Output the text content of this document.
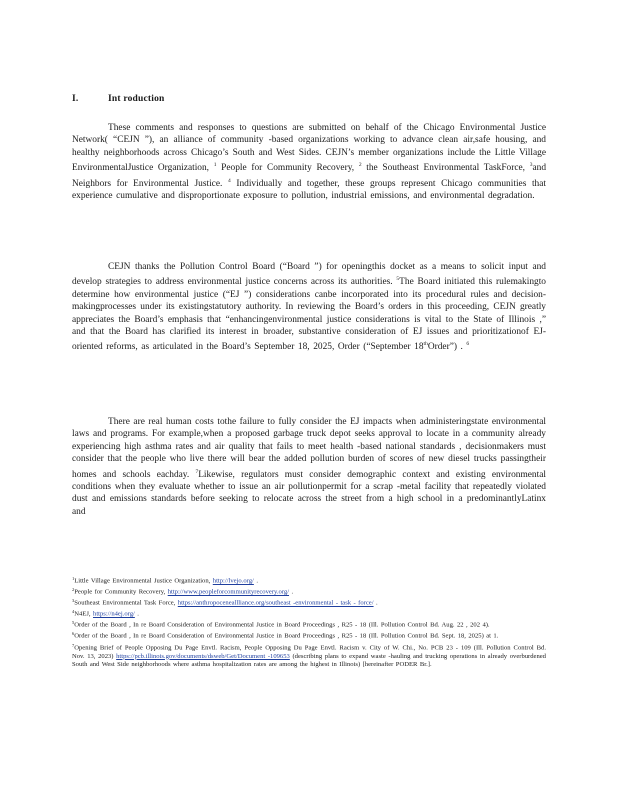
I.	Int roduction

These comments and responses to questions are submitted on behalf of the Chicago Environmental Justice Network( “CEJN ”), an alliance of community -based organizations working to advance clean air,safe housing, and healthy neighborhoods across Chicago’s South and West Sides. CEJN’s member organizations include the Little Village EnvironmentalJustice Organization, $^1$ People for Community Recovery, $^2$ the Southeast Environmental TaskForce, $^3$and Neighbors for Environmental Justice. $^4$ Individually and together, these groups represent Chicago communities that experience cumulative and disproportionate exposure to pollution, industrial emissions, and environmental degradation.

CEJN thanks the Pollution Control Board (“Board ”) for openingthis docket as a means to solicit input and develop strategies to address environmental justice concerns across its authorities. $^5$The Board initiated this rulemakingto determine how environmental justice (“EJ ”) considerations canbe incorporated into its procedural rules and decision- makingprocesses under its existingstatutory authority. In reviewing the Board’s orders in this proceeding, CEJN greatly appreciates the Board’s emphasis that “enhancingenvironmental justice considerations is vital to the State of Illinois ,” and that the Board has clarified its interest in broader, substantive consideration of EJ issues and prioritizationof EJ- oriented reforms, as articulated in the Board’s September 18, 2025, Order (“September 18thOrder”) . $^6$

There are real human costs tothe failure to fully consider the EJ impacts when administeringstate environmental laws and programs. For example,when a proposed garbage truck depot seeks approval to locate in a community already experiencing high asthma rates and air quality that fails to meet health -based national standards , decisionmakers must consider that the people who live there will bear the added pollution burden of scores of new diesel trucks passingtheir homes and schools eachday. $^7$Likewise, regulators must consider demographic context and existing environmental conditions when they evaluate whether to issue an air pollutionpermit for a scrap -metal facility that repeatedly violated dust and emissions standards before seeking to relocate across the street from a high school in a predominantlyLatinx and

$^1$Little Village Environmental Justice Organization, http://lvejo.org/ .

$^2$People for Community Recovery, http://www.peopleforcommunityrecovery.org/ .

$^3$Southeast Environmental Task Force, https://anthropoceneallliance.org/southeast -environmental - task - force/ .

$^4$N4EJ, https://n4ej.org/ .

$^5$Order of the Board , In re Board Consideration of Environmental Justice in Board Proceedings , R25 - 18 (Ill. Pollution Control Bd. Aug. 22 , 202 4).

$^6$Order of the Board , In re Board Consideration of Environmental Justice in Board Proceedings , R25 - 18 (Ill. Pollution Control Bd. Sept. 18, 2025) at 1.

$^7$Opening Brief of People Opposing Du Page Envtl. Racism, People Opposing Du Page Envtl. Racism v. City of W. Chi., No. PCB 23 - 109 (Ill. Pollution Control Bd. Nov. 13, 2023) https://pcb.illinois.gov/documents/dsweb/Get/Document -109653 (describing plans to expand waste -hauling and trucking operations in already overburdened South and West Side neighborhoods where asthma hospitalization rates are among the highest in Illinois) [hereinafter PODER Br.].
